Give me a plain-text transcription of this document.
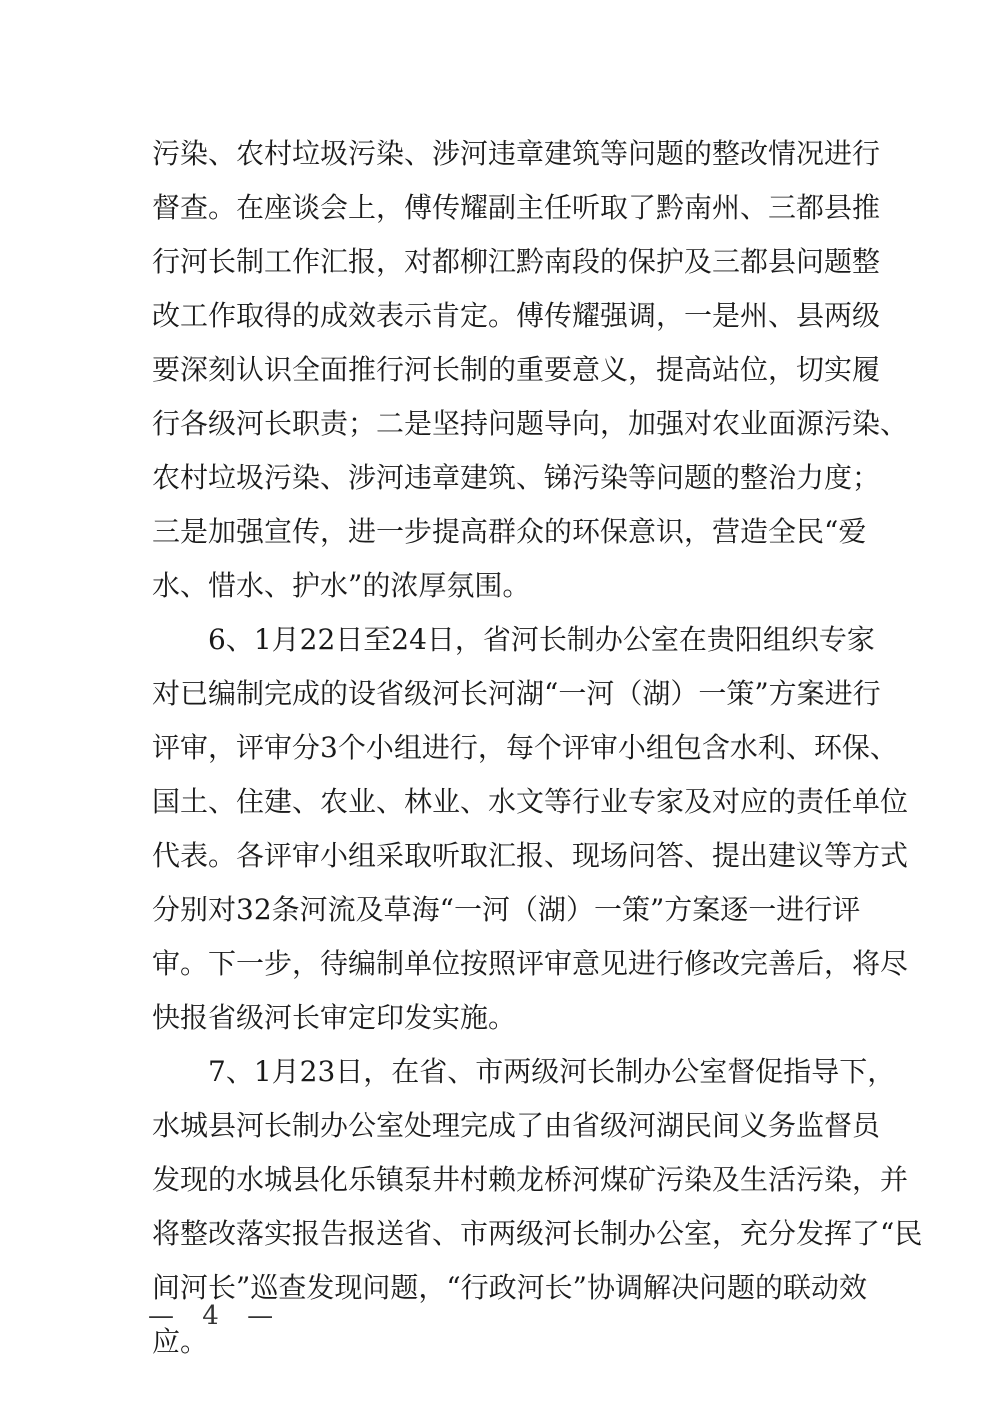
污染、农村垃圾污染、涉河违章建筑等问题的整改情况进行
督查。在座谈会上，傅传耀副主任听取了黔南州、三都县推
行河长制工作汇报，对都柳江黔南段的保护及三都县问题整
改工作取得的成效表示肯定。傅传耀强调，一是州、县两级
要深刻认识全面推行河长制的重要意义，提高站位，切实履
行各级河长职责；二是坚持问题导向，加强对农业面源污染、
农村垃圾污染、涉河违章建筑、锑污染等问题的整治力度；
三是加强宣传，进一步提高群众的环保意识，营造全民“爱
水、惜水、护水”的浓厚氛围。
6、1月22日至24日，省河长制办公室在贵阳组织专家
对已编制完成的设省级河长河湖“一河（湖）一策”方案进行
评审，评审分3个小组进行，每个评审小组包含水利、环保、
国土、住建、农业、林业、水文等行业专家及对应的责任单位
代表。各评审小组采取听取汇报、现场问答、提出建议等方式
分别对32条河流及草海“一河（湖）一策”方案逐一进行评
审。下一步，待编制单位按照评审意见进行修改完善后，将尽
快报省级河长审定印发实施。
7、1月23日，在省、市两级河长制办公室督促指导下，
水城县河长制办公室处理完成了由省级河湖民间义务监督员
发现的水城县化乐镇泵井村赖龙桥河煤矿污染及生活污染，并
将整改落实报告报送省、市两级河长制办公室，充分发挥了“民
间河长”巡查发现问题，“行政河长”协调解决问题的联动效
应。
— 4 —
